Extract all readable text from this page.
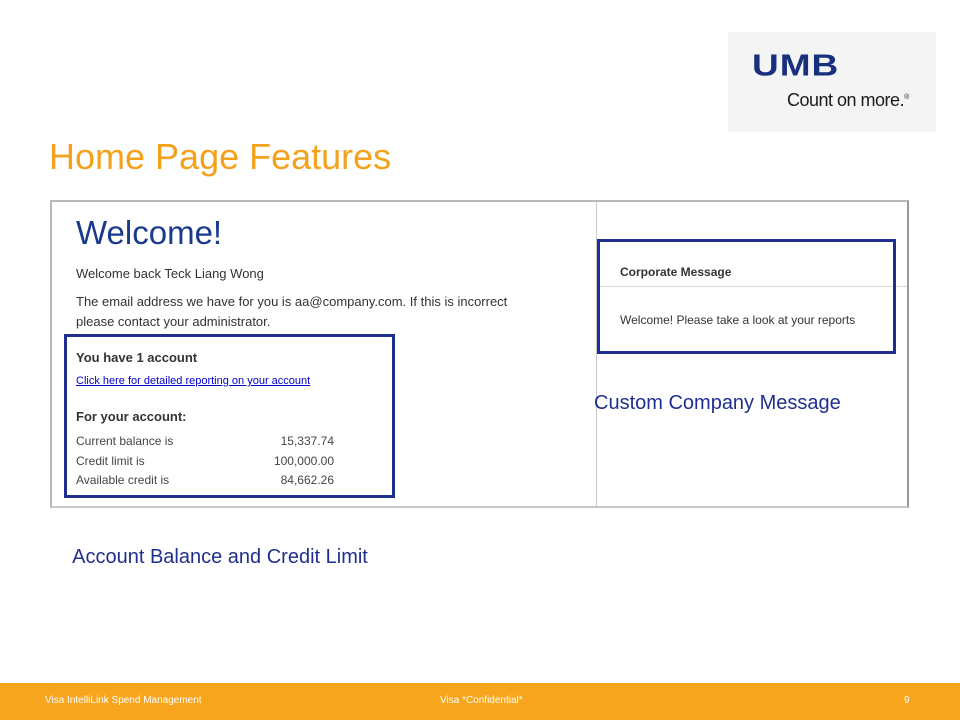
UMB
Count on more.®
Home Page Features
Welcome!
Welcome back Teck Liang Wong
The email address we have for you is aa@company.com. If this is incorrect
please contact your administrator.
You have 1 account
Click here for detailed reporting on your account
For your account:
Current balance is	15,337.74
Credit limit is	100,000.00
Available credit is	84,662.26
Corporate Message
Welcome! Please take a look at your reports
Custom Company Message
Account Balance and Credit Limit
Visa IntelliLink Spend Management	Visa *Confidential*	9
